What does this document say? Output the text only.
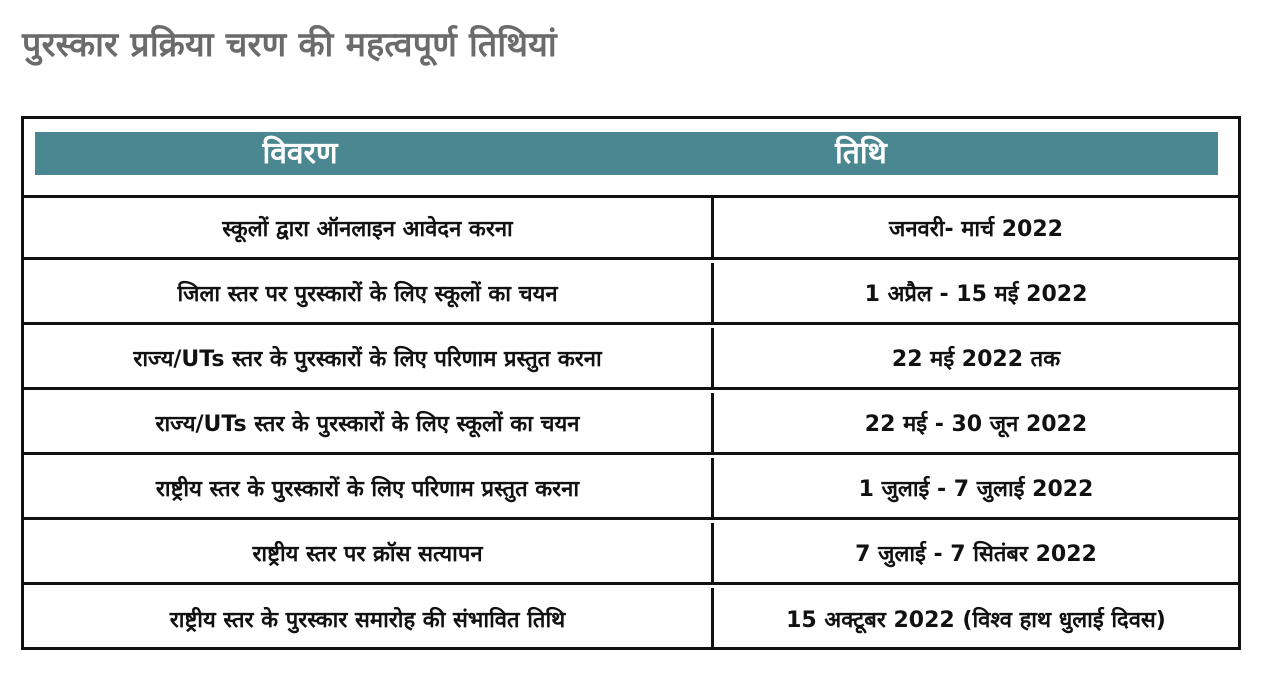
पुरस्कार प्रक्रिया चरण की महत्वपूर्ण तिथियां
विवरण	तिथि
स्कूलों द्वारा ऑनलाइन आवेदन करना	जनवरी- मार्च 2022
जिला स्तर पर पुरस्कारों के लिए स्कूलों का चयन	1 अप्रैल - 15 मई 2022
राज्य/UTs स्तर के पुरस्कारों के लिए परिणाम प्रस्तुत करना	22 मई 2022 तक
राज्य/UTs स्तर के पुरस्कारों के लिए स्कूलों का चयन	22 मई - 30 जून 2022
राष्ट्रीय स्तर के पुरस्कारों के लिए परिणाम प्रस्तुत करना	1 जुलाई - 7 जुलाई 2022
राष्ट्रीय स्तर पर क्रॉस सत्यापन	7 जुलाई - 7 सितंबर 2022
राष्ट्रीय स्तर के पुरस्कार समारोह की संभावित तिथि	15 अक्टूबर 2022 (विश्व हाथ धुलाई दिवस)
